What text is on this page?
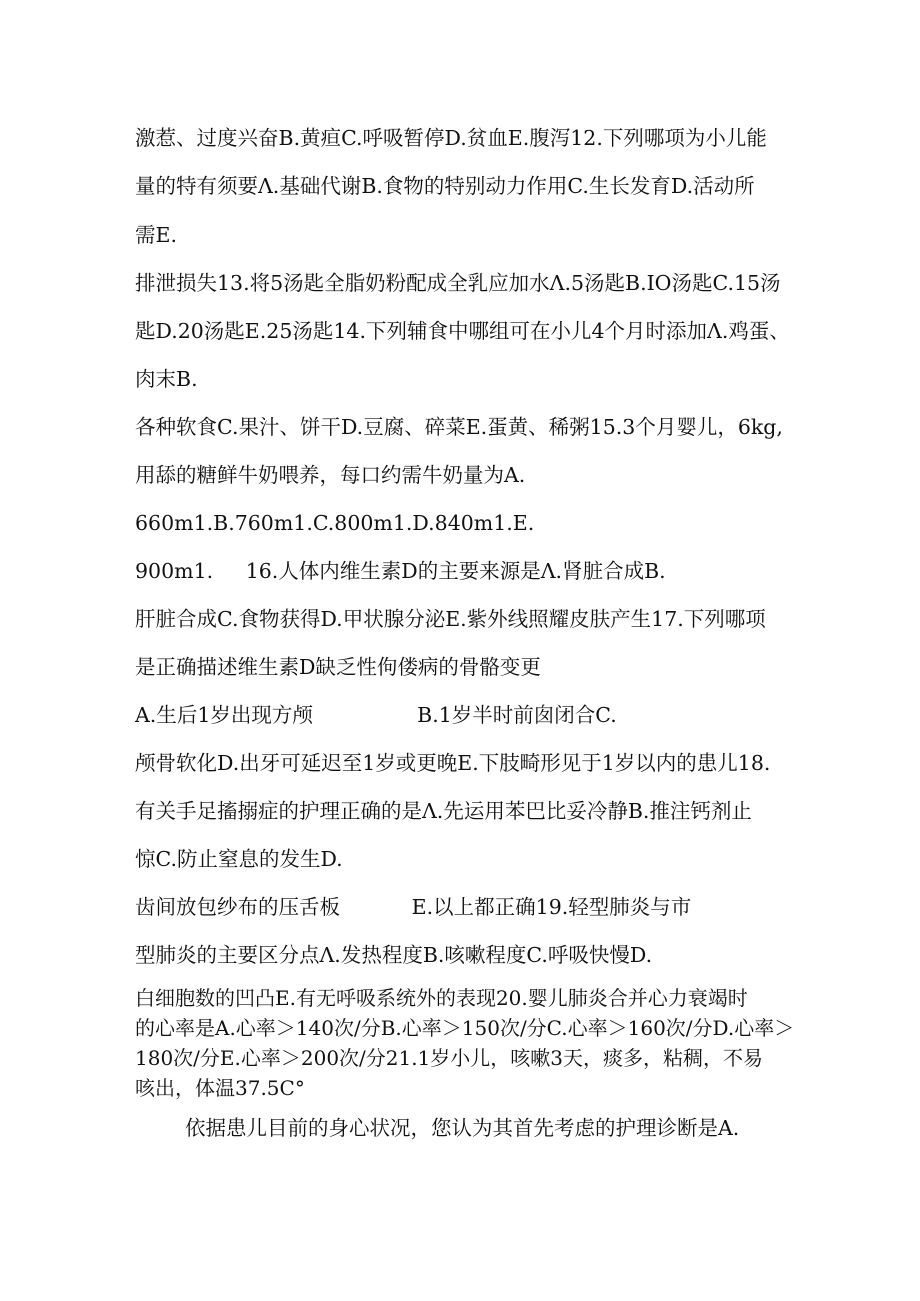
激惹、过度兴奋B.黄疸C.呼吸暂停D.贫血E.腹泻12.下列哪项为小儿能
量的特有须要Λ.基础代谢B.食物的特别动力作用C.生长发育D.活动所
需E.
排泄损失13.将5汤匙全脂奶粉配成全乳应加水Λ.5汤匙B.IO汤匙C.15汤
匙D.20汤匙E.25汤匙14.下列辅食中哪组可在小儿4个月时添加Λ.鸡蛋、
肉末B.
各种软食C.果汁、饼干D.豆腐、碎菜E.蛋黄、稀粥15.3个月婴儿，6kg,
用舔的糖鲜牛奶喂养，每口约需牛奶量为A.
660m1.B.760m1.C.800m1.D.840m1.E.
900m1.     16.人体内维生素D的主要来源是Λ.肾脏合成B.
肝脏合成C.食物获得D.甲状腺分泌E.紫外线照耀皮肤产生17.下列哪项
是正确描述维生素D缺乏性佝偻病的骨骼变更
A.生后1岁出现方颅                B.1岁半时前囱闭合C.
颅骨软化D.出牙可延迟至1岁或更晚E.下肢畸形见于1岁以内的患儿18.
有关手足搐搦症的护理正确的是Λ.先运用苯巴比妥冷静B.推注钙剂止
惊C.防止窒息的发生D.
齿间放包纱布的压舌板           E.以上都正确19.轻型肺炎与市
型肺炎的主要区分点Λ.发热程度B.咳嗽程度C.呼吸快慢D.
白细胞数的凹凸E.有无呼吸系统外的表现20.婴儿肺炎合并心力衰竭时
的心率是A.心率＞140次/分B.心率＞150次/分C.心率＞160次/分D.心率＞
180次/分E.心率＞200次/分21.1岁小儿，咳嗽3天，痰多，粘稠，不易
咳出，体温37.5C°
依据患儿目前的身心状况，您认为其首先考虑的护理诊断是A.
